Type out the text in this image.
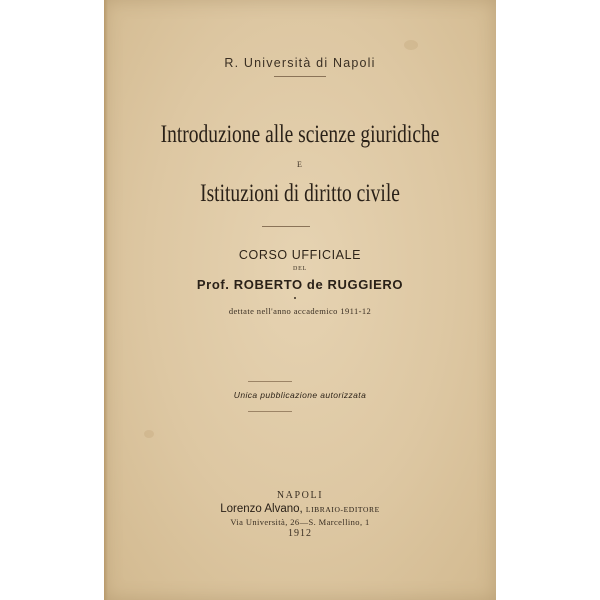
R. Università di Napoli
Introduzione alle scienze giuridiche
E
Istituzioni di diritto civile
CORSO UFFICIALE
DEL
Prof. ROBERTO de RUGGIERO
dettate nell'anno accademico 1911-12
Unica pubblicazione autorizzata
NAPOLI
Lorenzo Alvano, LIBRAIO-EDITORE
Via Università, 26—S. Marcellino, 1
1912
